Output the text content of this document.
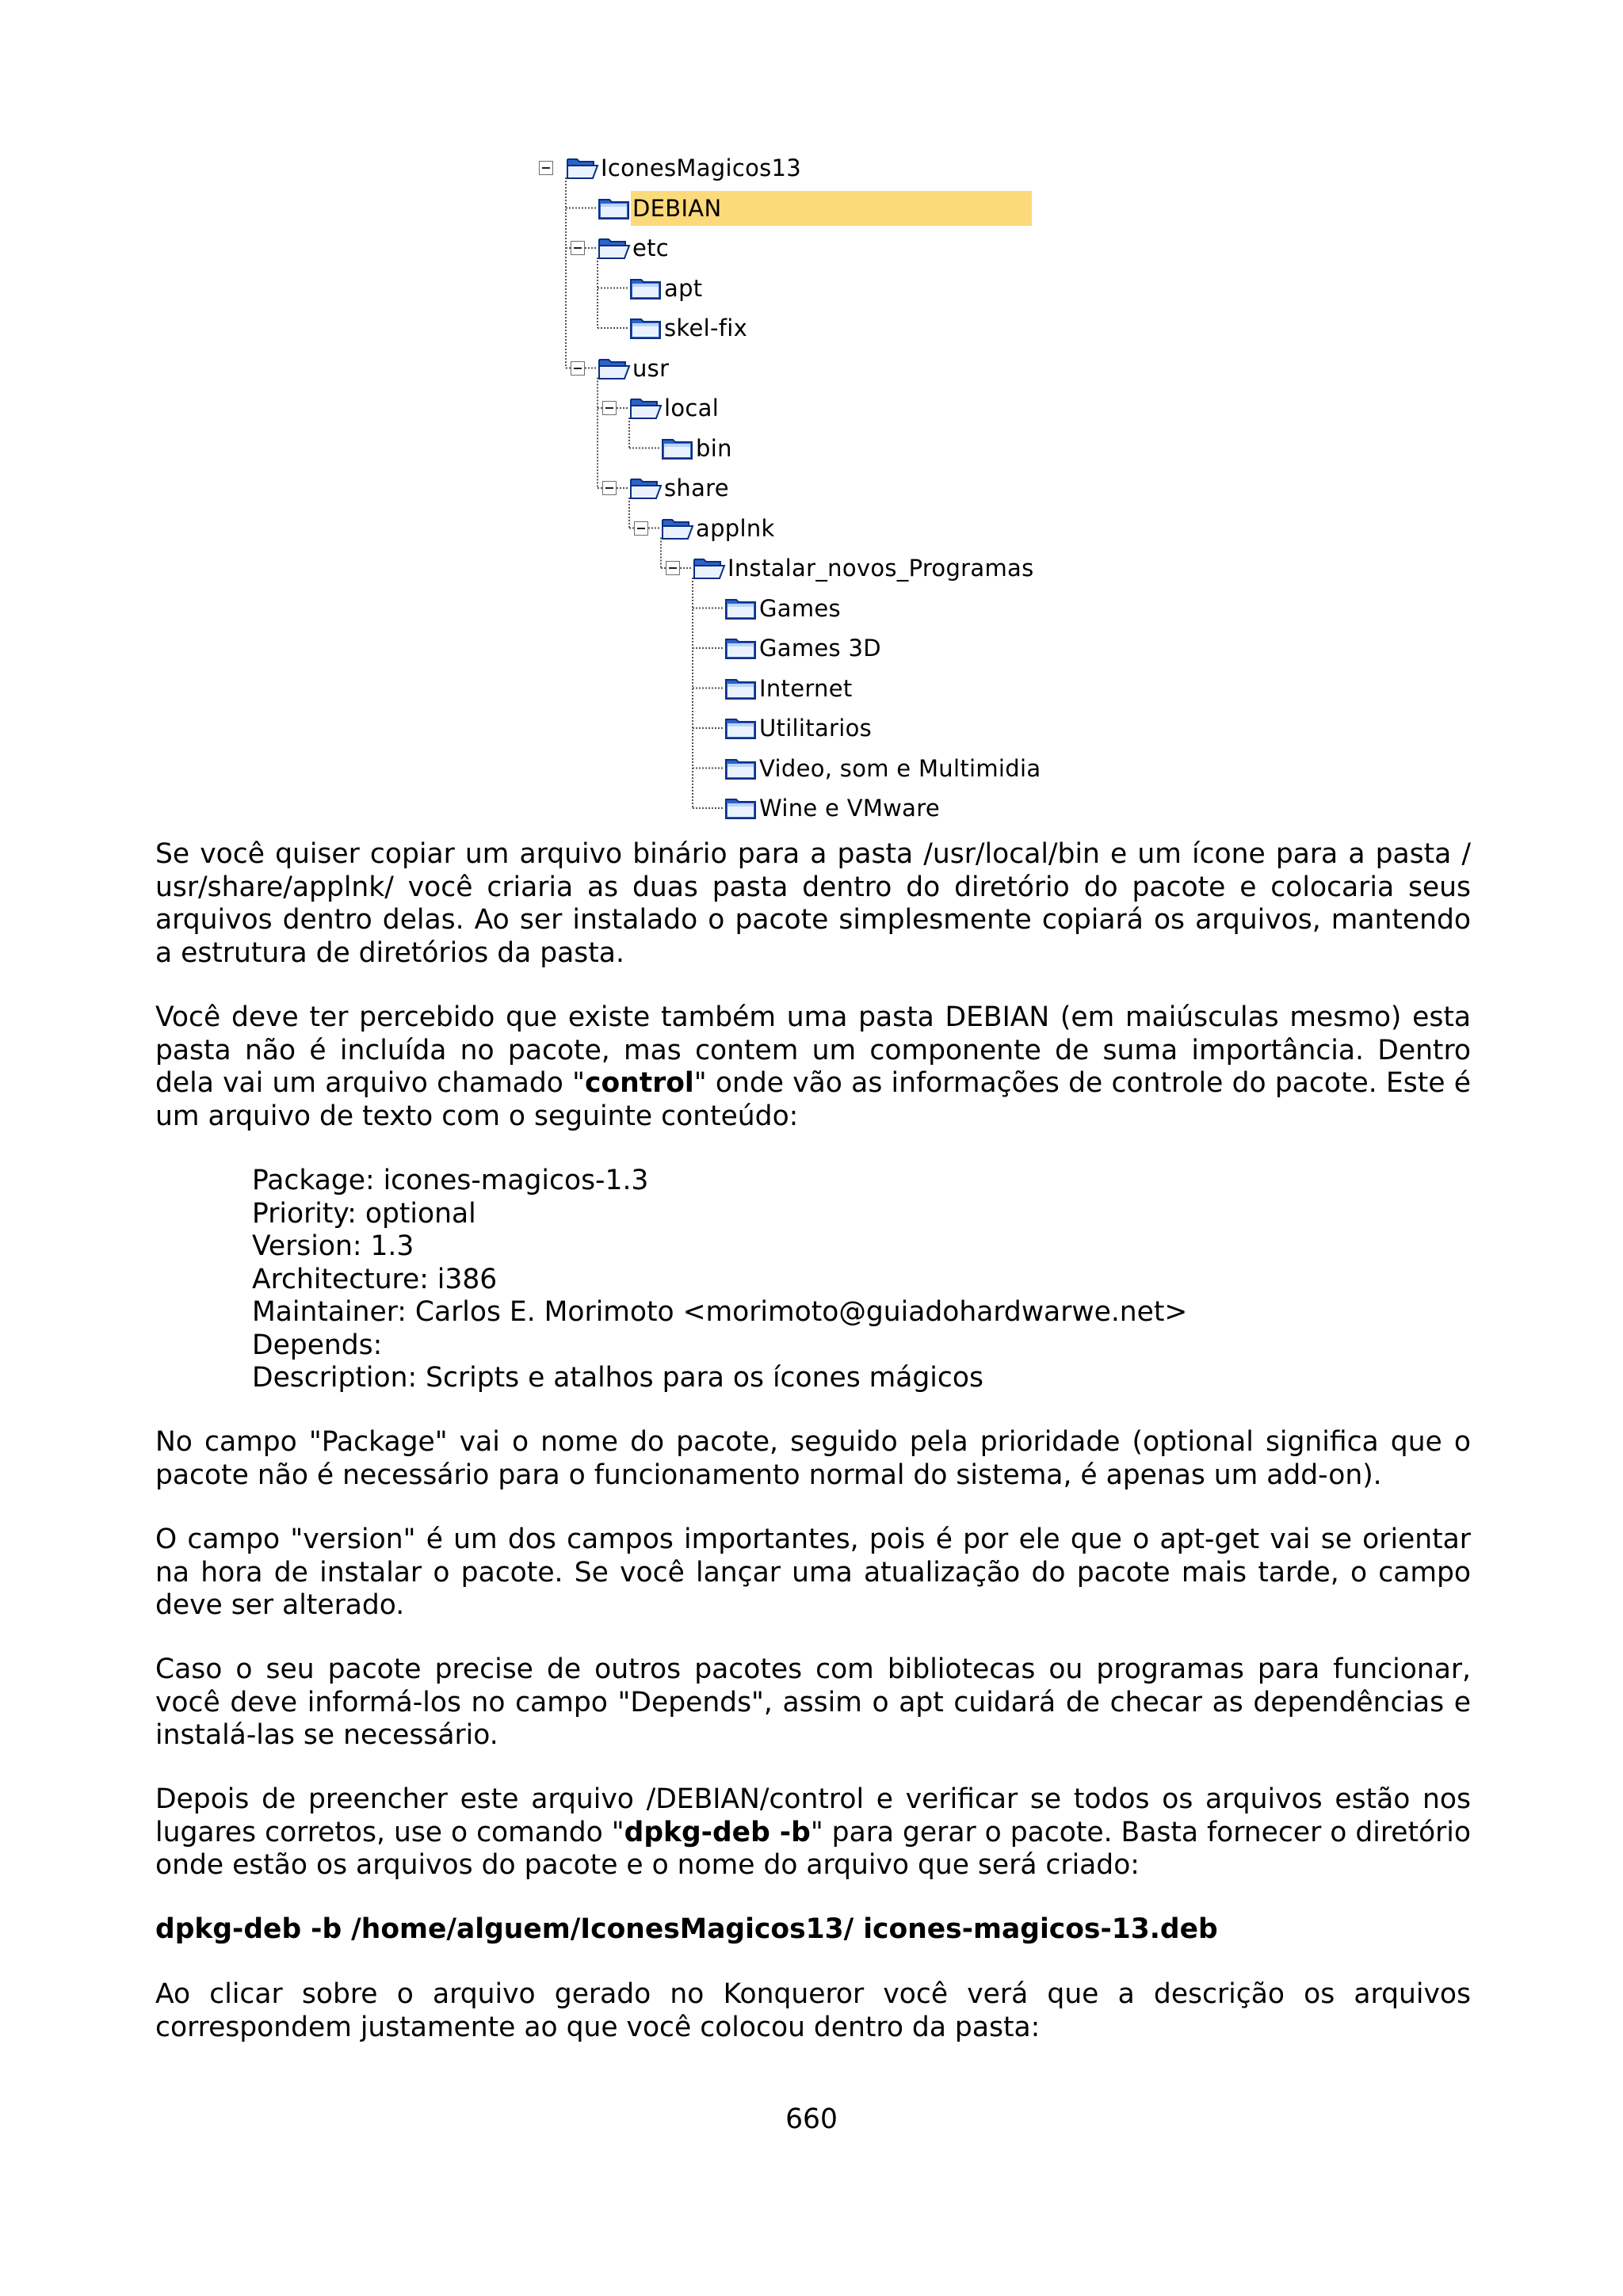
IconesMagicos13
DEBIAN
etc
apt
skel-fix
usr
local
bin
share
applnk
Instalar_novos_Programas
Games
Games 3D
Internet
Utilitarios
Video, som e Multimidia
Wine e VMware
Se você quiser copiar um arquivo binário para a pasta /usr/local/bin e um ícone para a pasta / usr/share/applnk/ você criaria as duas pasta dentro do diretório do pacote e colocaria seus arquivos dentro delas. Ao ser instalado o pacote simplesmente copiará os arquivos, mantendo a estrutura de diretórios da pasta.
Você deve ter percebido que existe também uma pasta DEBIAN (em maiúsculas mesmo) esta pasta não é incluída no pacote, mas contem um componente de suma importância. Dentro dela vai um arquivo chamado "control" onde vão as informações de controle do pacote. Este é um arquivo de texto com o seguinte conteúdo:
Package: icones-magicos-1.3
Priority: optional
Version: 1.3
Architecture: i386
Maintainer: Carlos E. Morimoto <morimoto@guiadohardwarwe.net>
Depends:
Description: Scripts e atalhos para os ícones mágicos
No campo "Package" vai o nome do pacote, seguido pela prioridade (optional significa que o pacote não é necessário para o funcionamento normal do sistema, é apenas um add-on).
O campo "version" é um dos campos importantes, pois é por ele que o apt-get vai se orientar na hora de instalar o pacote. Se você lançar uma atualização do pacote mais tarde, o campo deve ser alterado.
Caso o seu pacote precise de outros pacotes com bibliotecas ou programas para funcionar, você deve informá-los no campo "Depends", assim o apt cuidará de checar as dependências e instalá-las se necessário.
Depois de preencher este arquivo /DEBIAN/control e verificar se todos os arquivos estão nos lugares corretos, use o comando "dpkg-deb -b" para gerar o pacote. Basta fornecer o diretório onde estão os arquivos do pacote e o nome do arquivo que será criado:
dpkg-deb -b /home/alguem/IconesMagicos13/ icones-magicos-13.deb
Ao clicar sobre o arquivo gerado no Konqueror você verá que a descrição os arquivos correspondem justamente ao que você colocou dentro da pasta:
660
